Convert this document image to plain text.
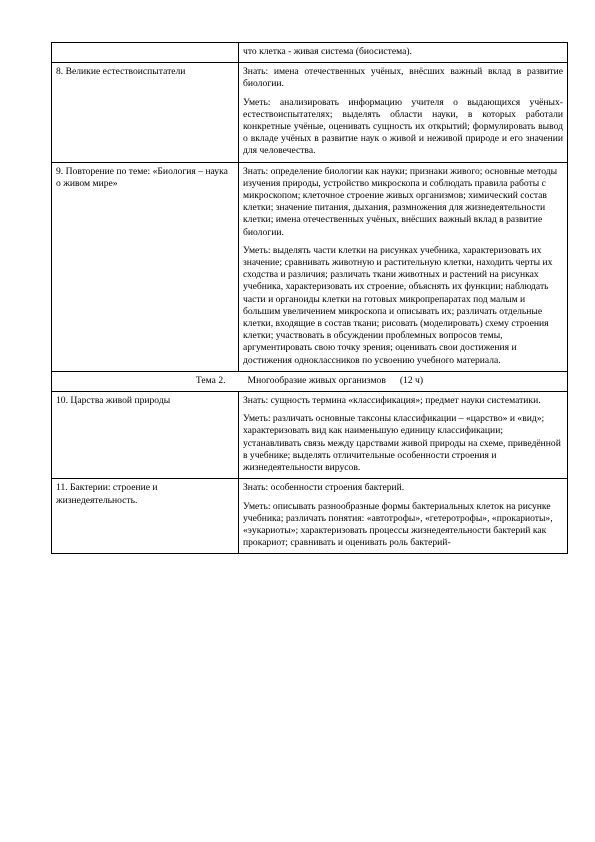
	что клетка - живая система (биосистема).

8. Великие естествоиспытатели	Знать: имена отечественных учёных, внёсших важный вклад в развитие биологии.

Уметь: анализировать информацию учителя о выдающихся учёных-естествоиспытателях; выделять области науки, в которых работали конкретные учёные, оценивать сущность их открытий; формулировать вывод о вкладе учёных в развитие наук о живой и неживой природе и его значении для человечества.

9. Повторение по теме: «Биология – наука о живом мире»	Знать: определение биологии как науки; признаки живого; основные методы изучения природы, устройство микроскопа и соблюдать правила работы с микроскопом; клеточное строение живых организмов; химический состав клетки; значение питания, дыхания, размножения для жизнедеятельности клетки; имена отечественных учёных, внёсших важный вклад в развитие биологии.

Уметь: выделять части клетки на рисунках учебника, характеризовать их значение; сравнивать животную и растительную клетки, находить черты их сходства и различия; различать ткани животных и растений на рисунках учебника, характеризовать их строение, объяснять их функции; наблюдать части и органоиды клетки на готовых микропрепаратах под малым и большим увеличением микроскопа и описывать их; различать отдельные клетки, входящие в состав ткани; рисовать (моделировать) схему строения клетки; участвовать в обсуждении проблемных вопросов темы, аргументировать свою точку зрения; оценивать свои достижения и достижения одноклассников по усвоению учебного материала.

Тема 2. Многообразие живых организмов (12 ч)	
10. Царства живой природы	Знать: сущность термина «классификация»; предмет науки систематики.

Уметь: различать основные таксоны классификации – «царство» и «вид»; характеризовать вид как наименьшую единицу классификации; устанавливать связь между царствами живой природы на схеме, приведённой в учебнике; выделять отличительные особенности строения и жизнедеятельности вирусов.

11. Бактерии: строение и жизнедеятельность.	Знать: особенности строения бактерий.

Уметь: описывать разнообразные формы бактериальных клеток на рисунке учебника; различать понятия: «автотрофы», «гетеротрофы», «прокариоты», «эукариоты»; характеризовать процессы жизнедеятельности бактерий как прокариот; сравнивать и оценивать роль бактерий-
